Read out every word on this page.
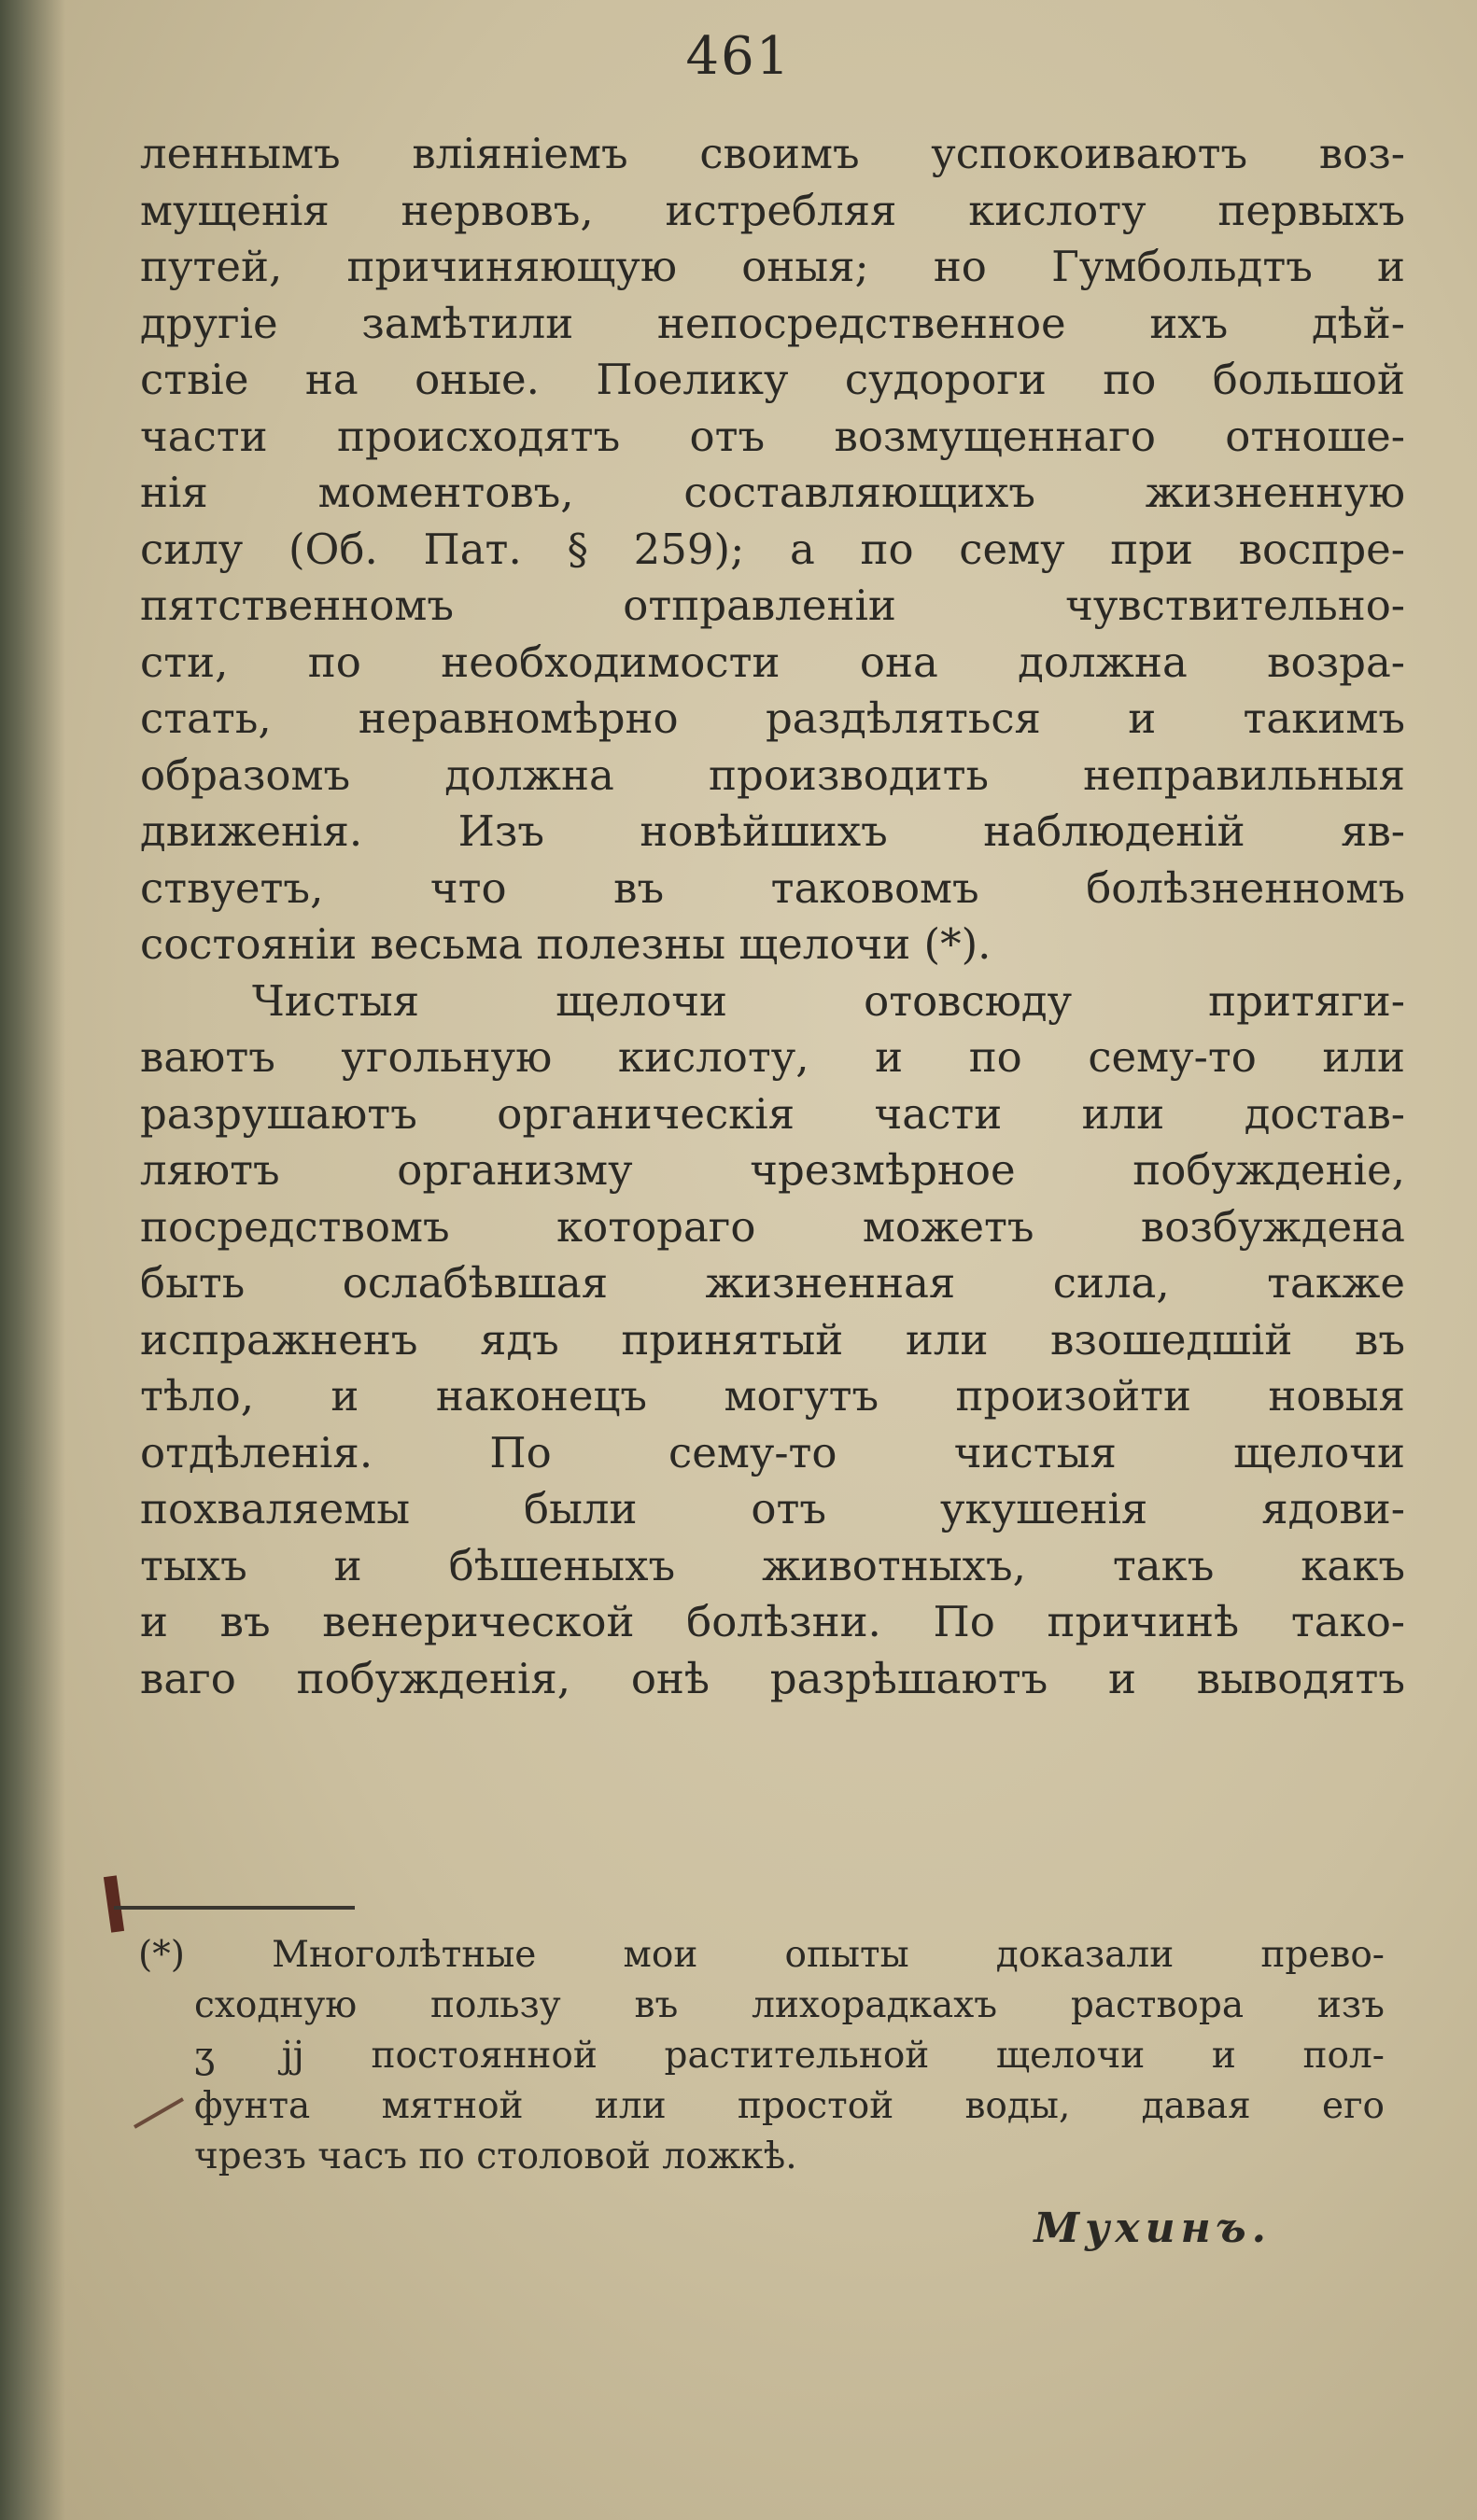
461
леннымъ вліяніемъ своимъ успокоиваютъ воз-
мущенія нервовъ, истребляя кислоту первыхъ
путей, причиняющую оныя; но Гумбольдтъ и
другіе замѣтили непосредственное ихъ дѣй-
ствіе на оные. Поелику судороги по большой
части происходятъ отъ возмущеннаго отноше-
нія моментовъ, составляющихъ жизненную
силу (Об. Пат. § 259); а по сему при воспре-
пятственномъ отправленіи чувствительно-
сти, по необходимости она должна возра-
стать, неравномѣрно раздѣляться и такимъ
образомъ должна производить неправильныя
движенія. Изъ новѣйшихъ наблюденій яв-
ствуетъ, что въ таковомъ болѣзненномъ
состояніи весьма полезны щелочи (*).
Чистыя щелочи отовсюду притяги-
ваютъ угольную кислоту, и по сему-то или
разрушаютъ органическія части или достав-
ляютъ организму чрезмѣрное побужденіе,
посредствомъ котораго можетъ возбуждена
быть ослабѣвшая жизненная сила, также
испражненъ ядъ принятый или взошедшій въ
тѣло, и наконецъ могутъ произойти новыя
отдѣленія. По сему-то чистыя щелочи
похваляемы были отъ укушенія ядови-
тыхъ и бѣшеныхъ животныхъ, такъ какъ
и въ венерической болѣзни. По причинѣ тако-
ваго побужденія, онѣ разрѣшаютъ и выводятъ
(*) Многолѣтные мои опыты доказали прево-
сходную пользу въ лихорадкахъ раствора изъ
ʒ jj постоянной растительной щелочи и пол-
фунта мятной или простой воды, давая его
чрезъ часъ по столовой ложкѣ.
Мухинъ.
